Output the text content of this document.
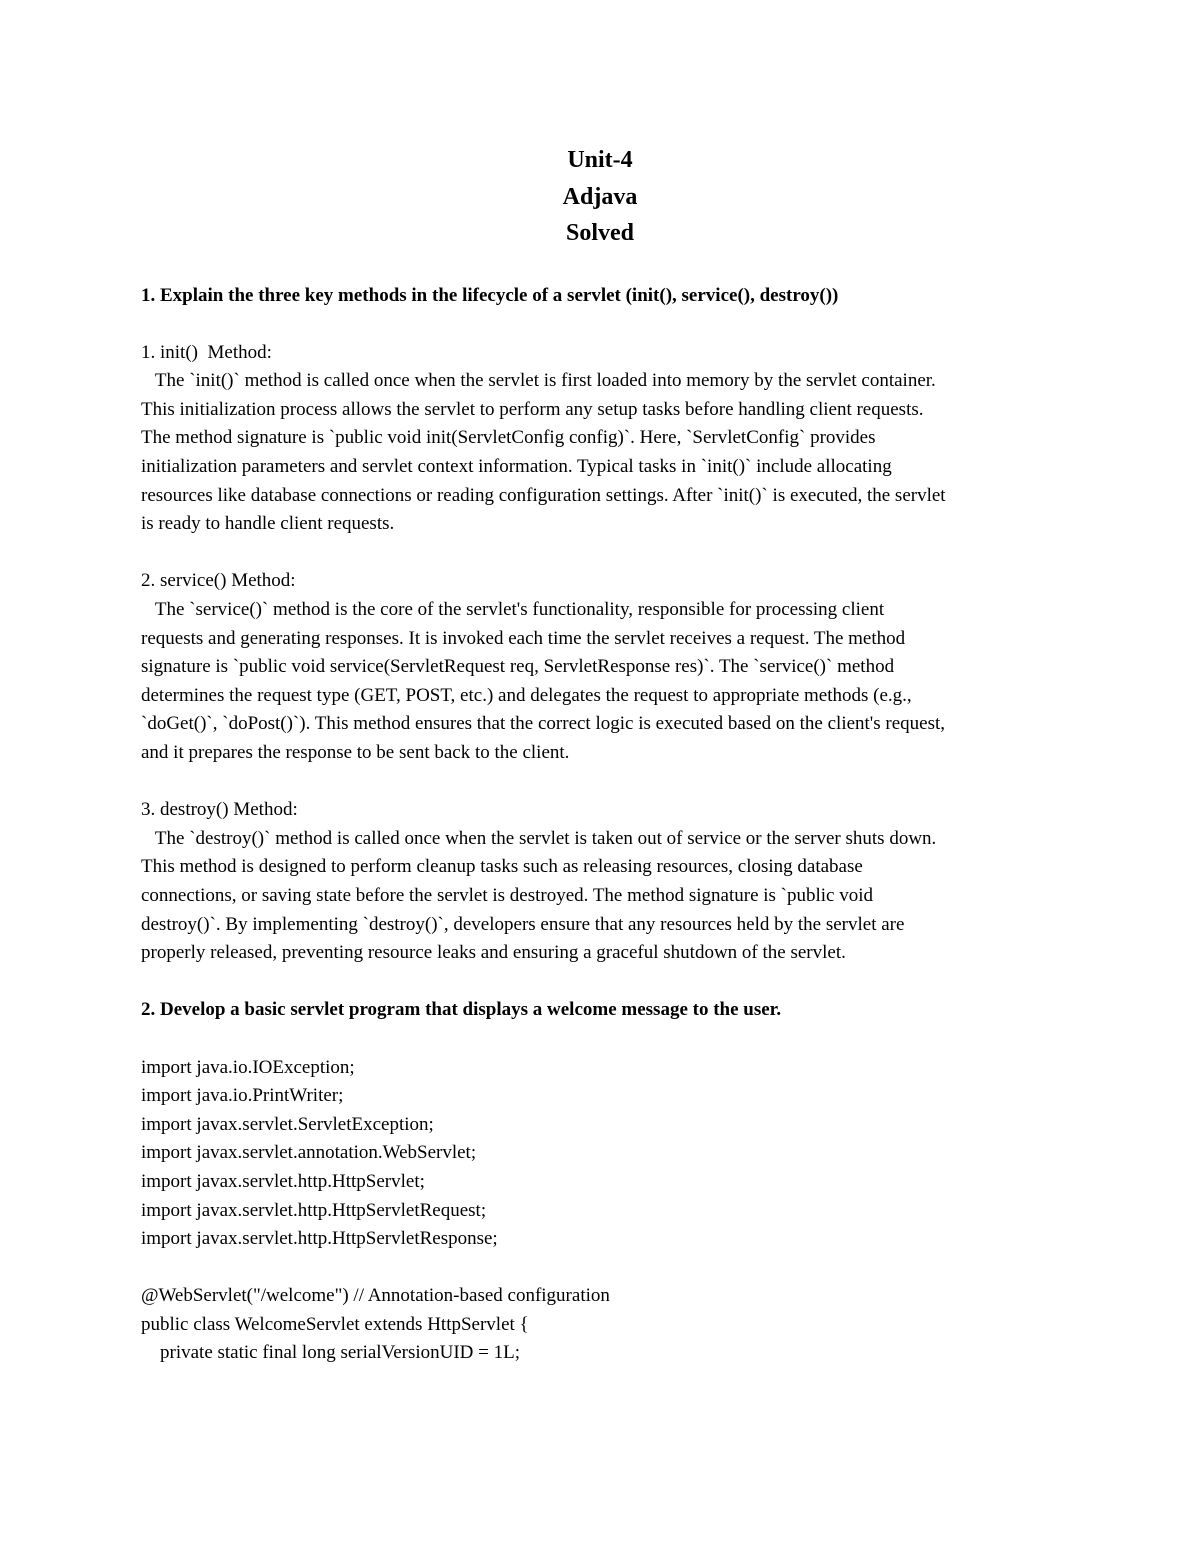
Unit-4
Adjava
Solved
1. Explain the three key methods in the lifecycle of a servlet (init(), service(), destroy())
1. init()  Method:
The `init()` method is called once when the servlet is first loaded into memory by the servlet container.
This initialization process allows the servlet to perform any setup tasks before handling client requests.
The method signature is `public void init(ServletConfig config)`. Here, `ServletConfig` provides
initialization parameters and servlet context information. Typical tasks in `init()` include allocating
resources like database connections or reading configuration settings. After `init()` is executed, the servlet
is ready to handle client requests.
2. service() Method:
The `service()` method is the core of the servlet's functionality, responsible for processing client
requests and generating responses. It is invoked each time the servlet receives a request. The method
signature is `public void service(ServletRequest req, ServletResponse res)`. The `service()` method
determines the request type (GET, POST, etc.) and delegates the request to appropriate methods (e.g.,
`doGet()`, `doPost()`). This method ensures that the correct logic is executed based on the client's request,
and it prepares the response to be sent back to the client.
3. destroy() Method:
The `destroy()` method is called once when the servlet is taken out of service or the server shuts down.
This method is designed to perform cleanup tasks such as releasing resources, closing database
connections, or saving state before the servlet is destroyed. The method signature is `public void
destroy()`. By implementing `destroy()`, developers ensure that any resources held by the servlet are
properly released, preventing resource leaks and ensuring a graceful shutdown of the servlet.
2. Develop a basic servlet program that displays a welcome message to the user.
import java.io.IOException;
import java.io.PrintWriter;
import javax.servlet.ServletException;
import javax.servlet.annotation.WebServlet;
import javax.servlet.http.HttpServlet;
import javax.servlet.http.HttpServletRequest;
import javax.servlet.http.HttpServletResponse;
@WebServlet("/welcome") // Annotation-based configuration
public class WelcomeServlet extends HttpServlet {
private static final long serialVersionUID = 1L;
